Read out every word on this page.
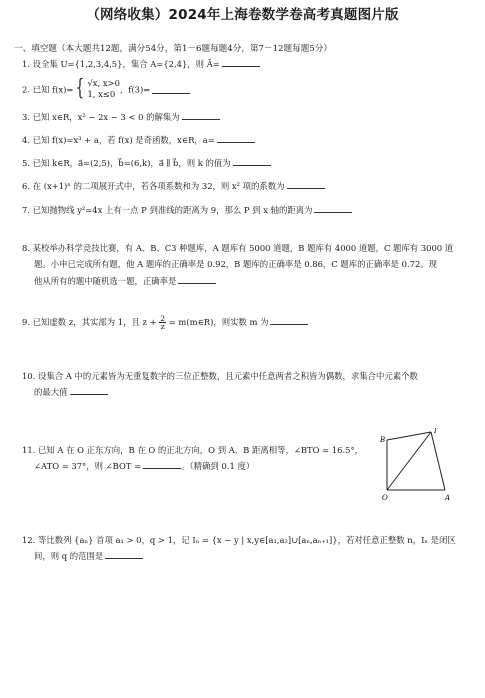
（网络收集）2024年上海卷数学卷高考真题图片版
一、填空题（本大题共12题，满分54分，第1－6题每题4分，第7－12题每题5分）
1. 设全集 U={1,2,3,4,5}，集合 A={2,4}，则 Ā=
2. 已知 f(x)= { √x, x>0
1, x≤0
，f(3)=
3. 已知 x∈R，x² − 2x − 3 < 0 的解集为
4. 已知 f(x)=x³ + a，若 f(x) 是奇函数，x∈R，a=
5. 已知 k∈R，a⃗=(2,5)，b⃗=(6,k)，a⃗ ∥ b⃗，则 k 的值为
6. 在 (x+1)ⁿ 的二项展开式中，若各项系数和为 32，则 x² 项的系数为
7. 已知抛物线 y²=4x 上有一点 P 到准线的距离为 9，那么 P 到 x 轴的距离为
8. 某校举办科学竞技比赛，有 A、B、C3 种题库，A 题库有 5000 道题，B 题库有 4000 道题，C 题库有 3000 道
题。小申已完成所有题，他 A 题库的正确率是 0.92，B 题库的正确率是 0.86，C 题库的正确率是 0.72。现
他从所有的题中随机选一题，正确率是
9. 已知虚数 z，其实部为 1，且 $z + \frac{2}{z}$ = m(m∈R)，则实数 m 为
10. 设集合 A 中的元素皆为无重复数字的三位正整数，且元素中任意两者之积皆为偶数，求集合中元素个数
的最大值
11. 已知 A 在 O 正东方向，B 在 O 的正北方向，O 到 A、B 距离相等，∠BTO = 16.5°，
∠ATO = 37°，则 ∠BOT =	。（精确到 0.1 度）
T
B
O	A
12. 等比数列 {aₙ} 首项 a₁ > 0，q > 1，记 Iₙ = {x − y | x,y∈[a₁,a₂]∪[aₙ,aₙ₊₁]}，若对任意正整数 n，Iₙ 是闭区
间，则 q 的范围是
